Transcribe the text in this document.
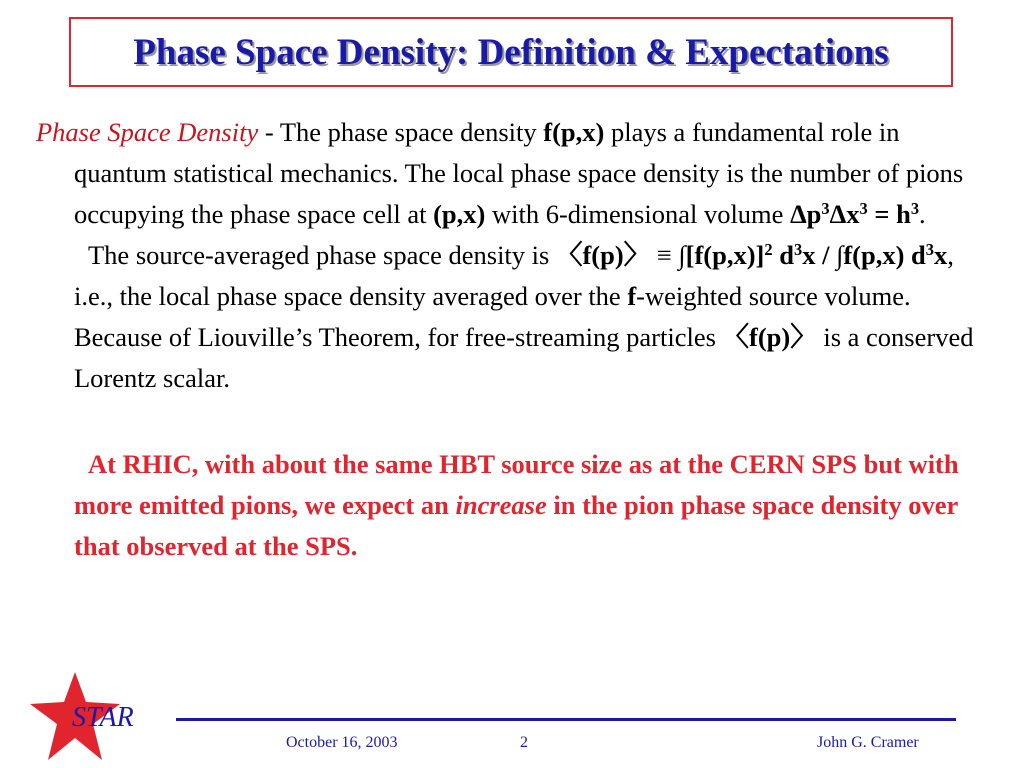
Phase Space Density: Definition & Expectations

Phase Space Density - The phase space density f(p,x) plays a fundamental role in quantum statistical mechanics. The local phase space density is the number of pions occupying the phase space cell at (p,x) with 6-dimensional volume $\Delta p^3\Delta x^3 = h^3$.

The source-averaged phase space density is 〈f(p)〉 ≡ $\int[f(p,x)]^2$ $d^3x / \int f(p,x)$ $d^3x$, i.e., the local phase space density averaged over the f-weighted source volume. Because of Liouville’s Theorem, for free-streaming particles 〈f(p)〉 is a conserved Lorentz scalar.

At RHIC, with about the same HBT source size as at the CERN SPS but with more emitted pions, we expect an increase in the pion phase space density over that observed at the SPS.

STAR
October 16, 2003	2	John G. Cramer
